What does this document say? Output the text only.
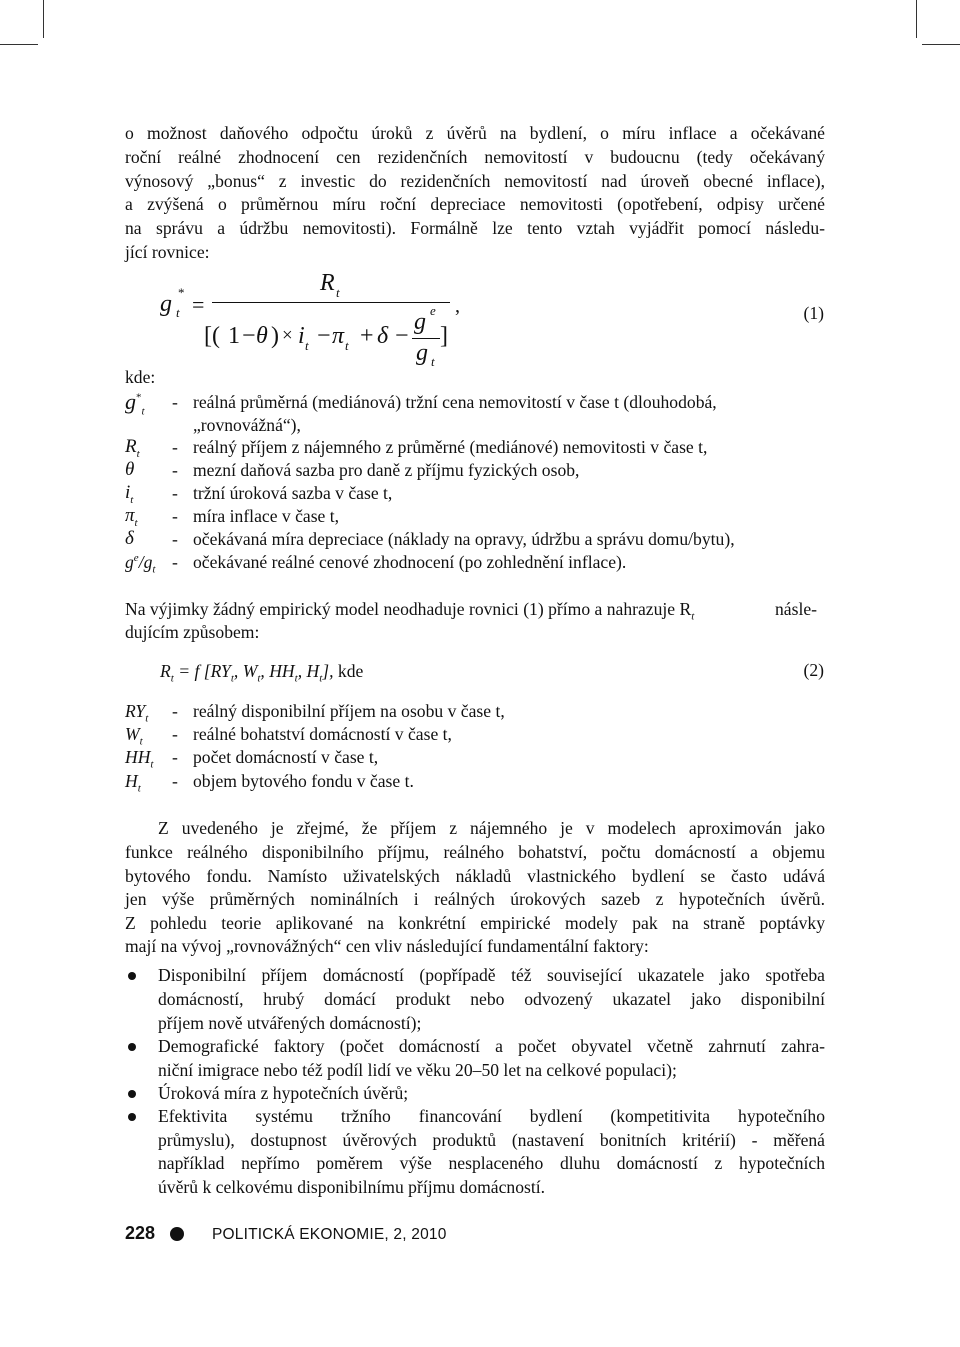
o možnost daňového odpočtu úroků z úvěrů na bydlení, o míru inflace a očekávané
roční reálné zhodnocení cen rezidenčních nemovitostí v budoucnu (tedy očekávaný
výnosový „bonus“ z investic do rezidenčních nemovitostí nad úroveň obecné inflace),
a zvýšená o průměrnou míru roční depreciace nemovitosti (opotřebení, odpisy určené
na správu a údržbu nemovitosti). Formálně lze tento vztah vyjádřit pomocí následu-
jící rovnice:
g *
t =
R t
[( 1 − θ ) × i t − π t + δ −
g e
g t
]
,	(1)
kde:
$g^*_t$ - reálná průměrná (mediánová) tržní cena nemovitostí v čase t (dlouhodobá,
„rovnovážná“),
$R_t$ - reálný příjem z nájemného z průměrné (mediánové) nemovitosti v čase t,
θ - mezní daňová sazba pro daně z příjmu fyzických osob,
$i_t$ - tržní úroková sazba v čase t,
$\pi_t$ - míra inflace v čase t,
δ - očekávaná míra depreciace (náklady na opravy, údržbu a správu domu/bytu),
$g^e/g_t$ - očekávané reálné cenové zhodnocení (po zohlednění inflace).
Na výjimky žádný empirický model neodhaduje rovnici (1) přímo a nahrazuje $R_t$	násle-
dujícím způsobem:
$R_t = f$ [$RY_t$, $W_t$, $HH_t$, $H_t$], kde	(2)
$RY_t$ - reálný disponibilní příjem na osobu v čase t,
$W_t$ - reálné bohatství domácností v čase t,
$HH_t$ - počet domácností v čase t,
$H_t$ - objem bytového fondu v čase t.
Z uvedeného je zřejmé, že příjem z nájemného je v modelech aproximován jako
funkce reálného disponibilního příjmu, reálného bohatství, počtu domácností a objemu
bytového fondu. Namísto uživatelských nákladů vlastnického bydlení se často udává
jen výše průměrných nominálních i reálných úrokových sazeb z hypotečních úvěrů.
Z pohledu teorie aplikované na konkrétní empirické modely pak na straně poptávky
mají na vývoj „rovnovážných“ cen vliv následující fundamentální faktory:
Disponibilní příjem domácností (popřípadě též související ukazatele jako spotřeba
domácností, hrubý domácí produkt nebo odvozený ukazatel jako disponibilní
příjem nově utvářených domácností);
Demografické faktory (počet domácností a počet obyvatel včetně zahrnutí zahra-
niční imigrace nebo též podíl lidí ve věku 20–50 let na celkové populaci);
Úroková míra z hypotečních úvěrů;
Efektivita systému tržního financování bydlení (kompetitivita hypotečního
průmyslu), dostupnost úvěrových produktů (nastavení bonitních kritérií) - měřená
například nepřímo poměrem výše nesplaceného dluhu domácností z hypotečních
úvěrů k celkovému disponibilnímu příjmu domácností.
228	POLITICKÁ EKONOMIE, 2, 2010
